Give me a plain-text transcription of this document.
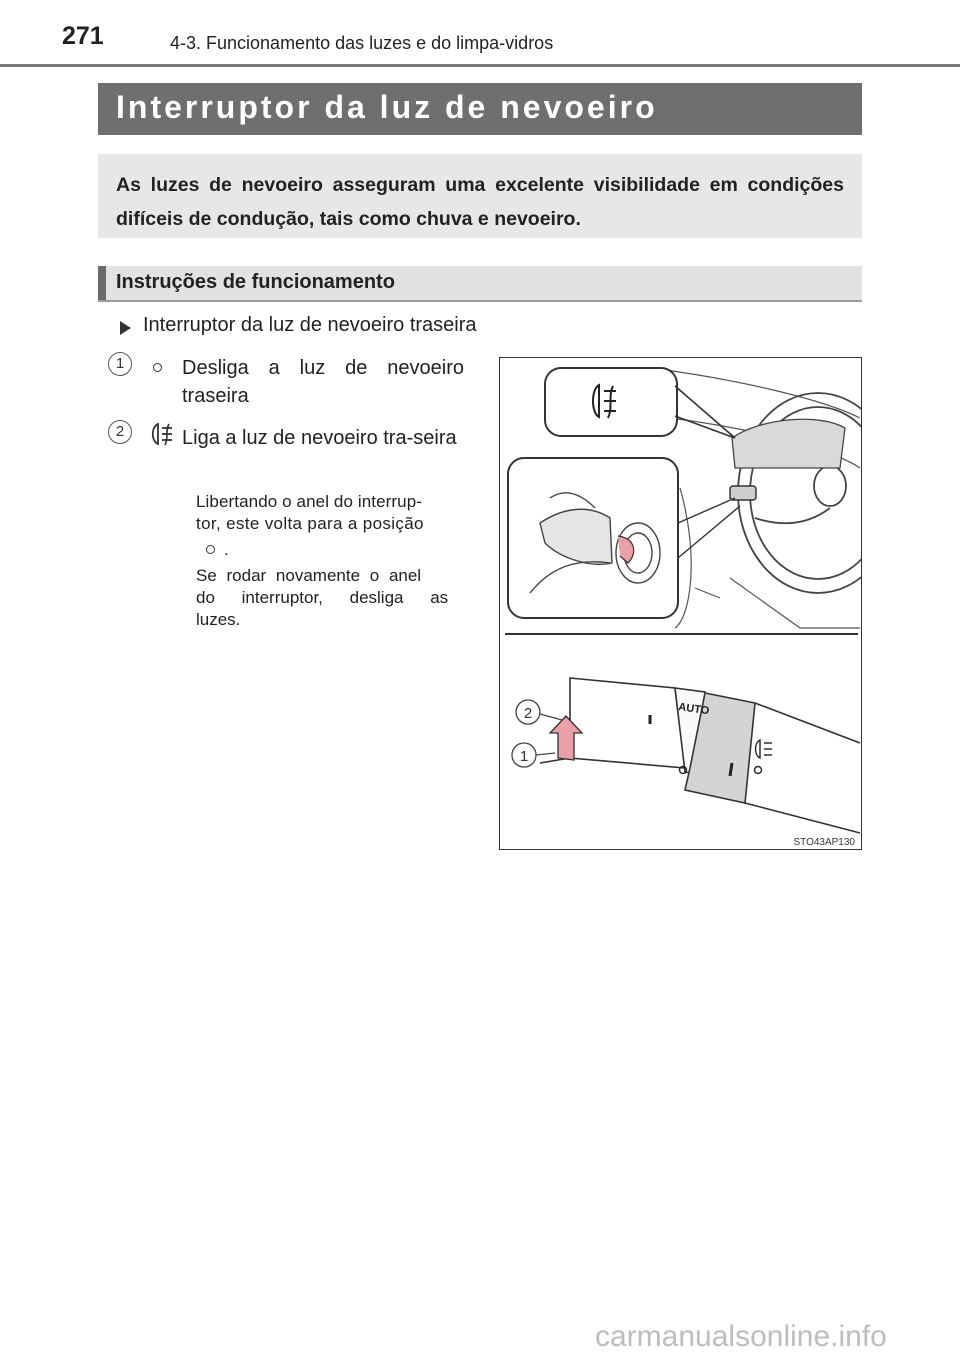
271	4-3. Funcionamento das luzes e do limpa-vidros
Interruptor da luz de nevoeiro
As luzes de nevoeiro asseguram uma excelente visibilidade em condições difíceis de condução, tais como chuva e nevoeiro.
Instruções de funcionamento
Interruptor da luz de nevoeiro traseira
1	Desliga a luz de nevoeiro traseira
2	Liga a luz de nevoeiro tra-seira
Libertando o anel do interrup-
tor, este volta para a posição
.
Se rodar novamente o anel
do interruptor, desliga as
luzes.
AUTO
2
1
STO43AP130
carmanualsonline.info
